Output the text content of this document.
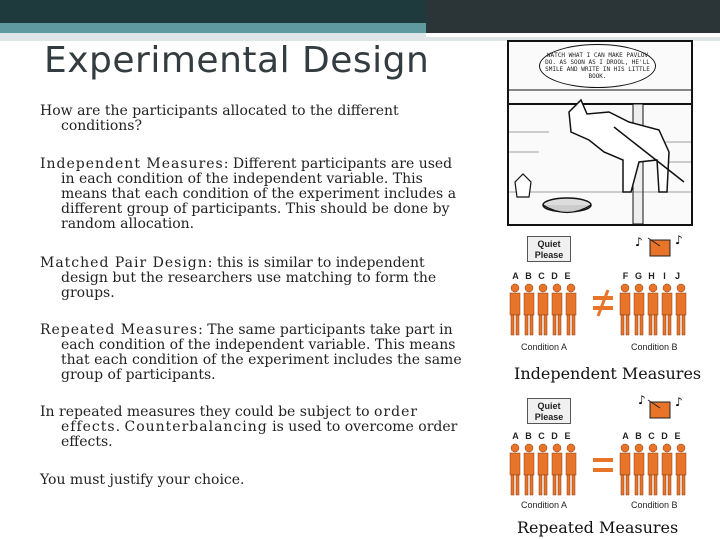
Experimental Design

How are the participants allocated to the different conditions?

Independent Measures: Different participants are used in each condition of the independent variable. This means that each condition of the experiment includes a different group of participants. This should be done by random allocation.

Matched Pair Design: this is similar to independent design but the researchers use matching to form the groups.

Repeated Measures: The same participants take part in each condition of the independent variable. This means that each condition of the experiment includes the same group of participants.

In repeated measures they could be subject to order effects. Counterbalancing is used to overcome order effects.

You must justify your choice.

WATCH WHAT I CAN MAKE PAVLOV DO. AS SOON AS I DROOL, HE'LL SMILE AND WRITE IN HIS LITTLE BOOK.
Quiet Please
♪	♪
A B C D E	F G H I	J
Condition A	Condition B
Independent Measures
Quiet Please
♪ ♪
A B C D E	A B C D E
Condition A	Condition B
Repeated Measures
